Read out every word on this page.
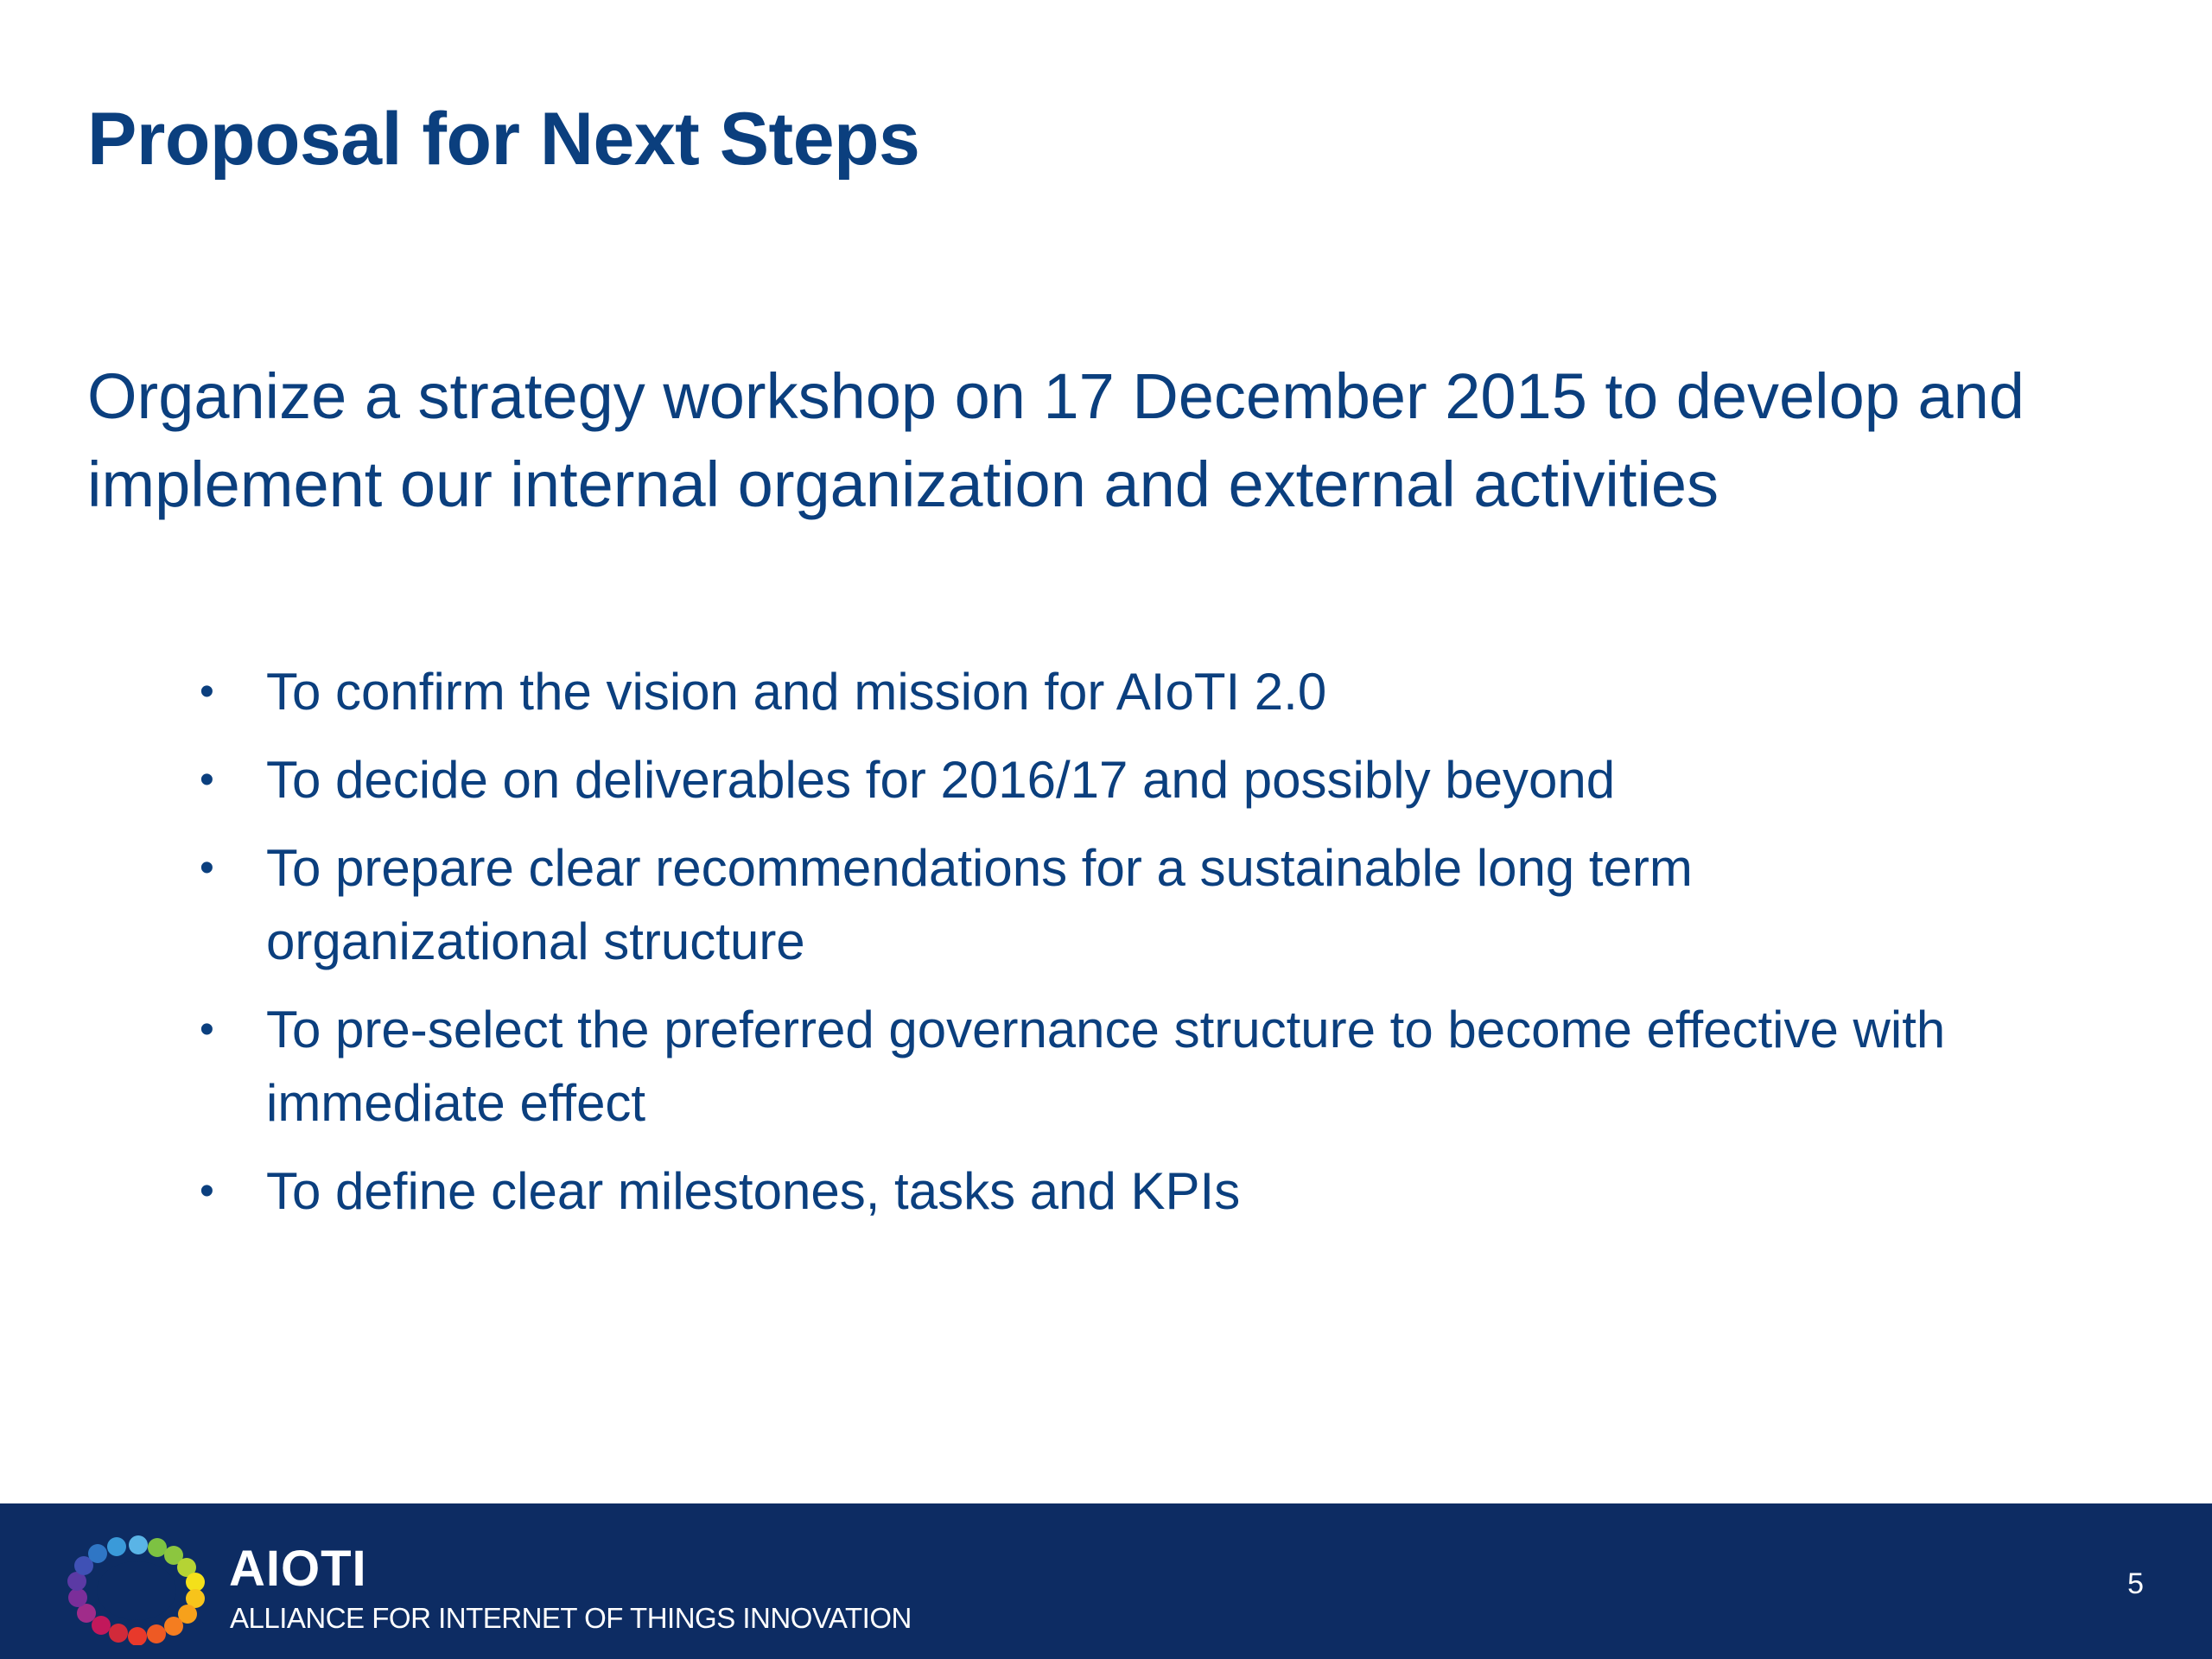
Proposal for Next Steps
Organize a strategy workshop on 17 December 2015 to develop and implement our internal organization and external activities
• To confirm the vision and mission for AIoTI 2.0
• To decide on deliverables for 2016/17 and possibly beyond
• To prepare clear recommendations for a sustainable long term organizational structure
• To pre-select the preferred governance structure to become effective with immediate effect
• To define clear milestones, tasks and KPIs
AIOTI
ALLIANCE FOR INTERNET OF THINGS INNOVATION
5
